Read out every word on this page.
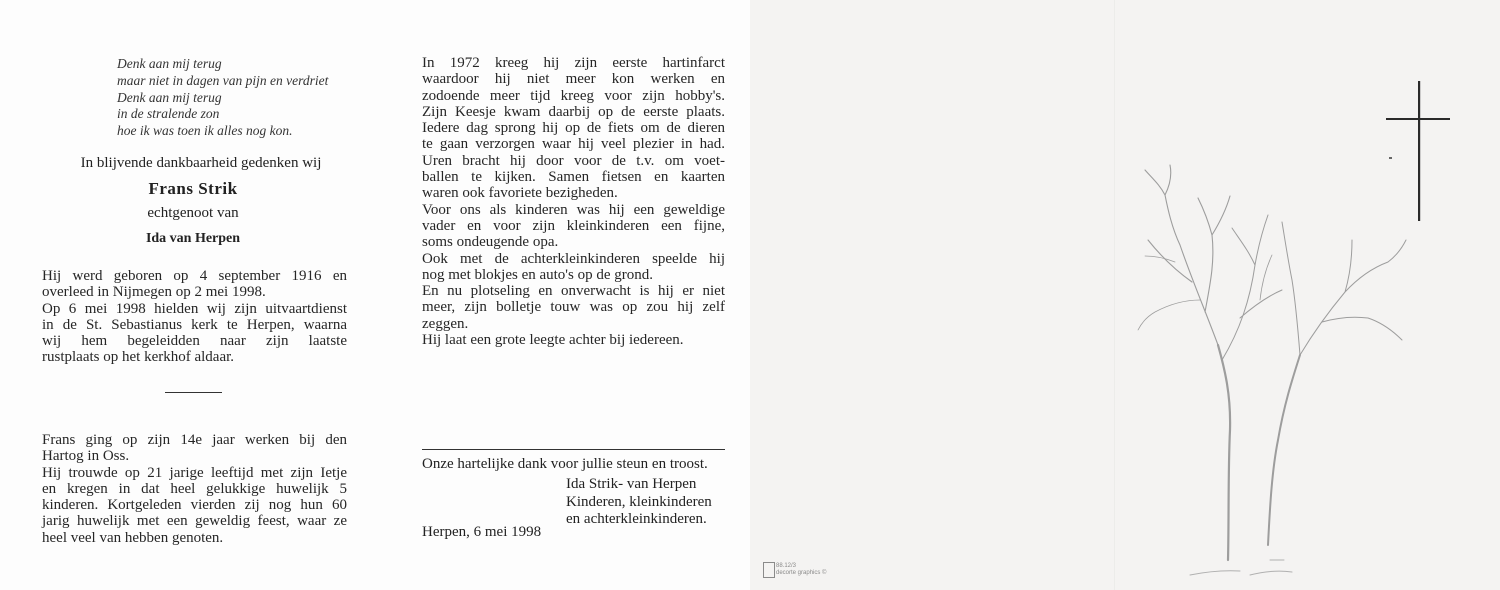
Denk aan mij terug
maar niet in dagen van pijn en verdriet
Denk aan mij terug
in de stralende zon
hoe ik was toen ik alles nog kon.
In blijvende dankbaarheid gedenken wij
Frans Strik
echtgenoot van
Ida van Herpen
Hij werd geboren op 4 september 1916 en
overleed in Nijmegen op 2 mei 1998.
Op 6 mei 1998 hielden wij zijn uitvaartdienst
in de St. Sebastianus kerk te Herpen, waarna
wij hem begeleidden naar zijn laatste
rustplaats op het kerkhof aldaar.
Frans ging op zijn 14e jaar werken bij den
Hartog in Oss.
Hij trouwde op 21 jarige leeftijd met zijn Ietje
en kregen in dat heel gelukkige huwelijk 5
kinderen. Kortgeleden vierden zij nog hun 60
jarig huwelijk met een geweldig feest, waar ze
heel veel van hebben genoten.
In 1972 kreeg hij zijn eerste hartinfarct
waardoor hij niet meer kon werken en
zodoende meer tijd kreeg voor zijn hobby's.
Zijn Keesje kwam daarbij op de eerste plaats.
Iedere dag sprong hij op de fiets om de dieren
te gaan verzorgen waar hij veel plezier in had.
Uren bracht hij door voor de t.v. om voet-
ballen te kijken. Samen fietsen en kaarten
waren ook favoriete bezigheden.
Voor ons als kinderen was hij een geweldige
vader en voor zijn kleinkinderen een fijne,
soms ondeugende opa.
Ook met de achterkleinkinderen speelde hij
nog met blokjes en auto's op de grond.
En nu plotseling en onverwacht is hij er niet
meer, zijn bolletje touw was op zou hij zelf
zeggen.
Hij laat een grote leegte achter bij iedereen.
Onze hartelijke dank voor jullie steun en troost.
Ida Strik- van Herpen
Kinderen, kleinkinderen
en achterkleinkinderen.
Herpen, 6 mei 1998
88.12/3
decorte graphics ©
